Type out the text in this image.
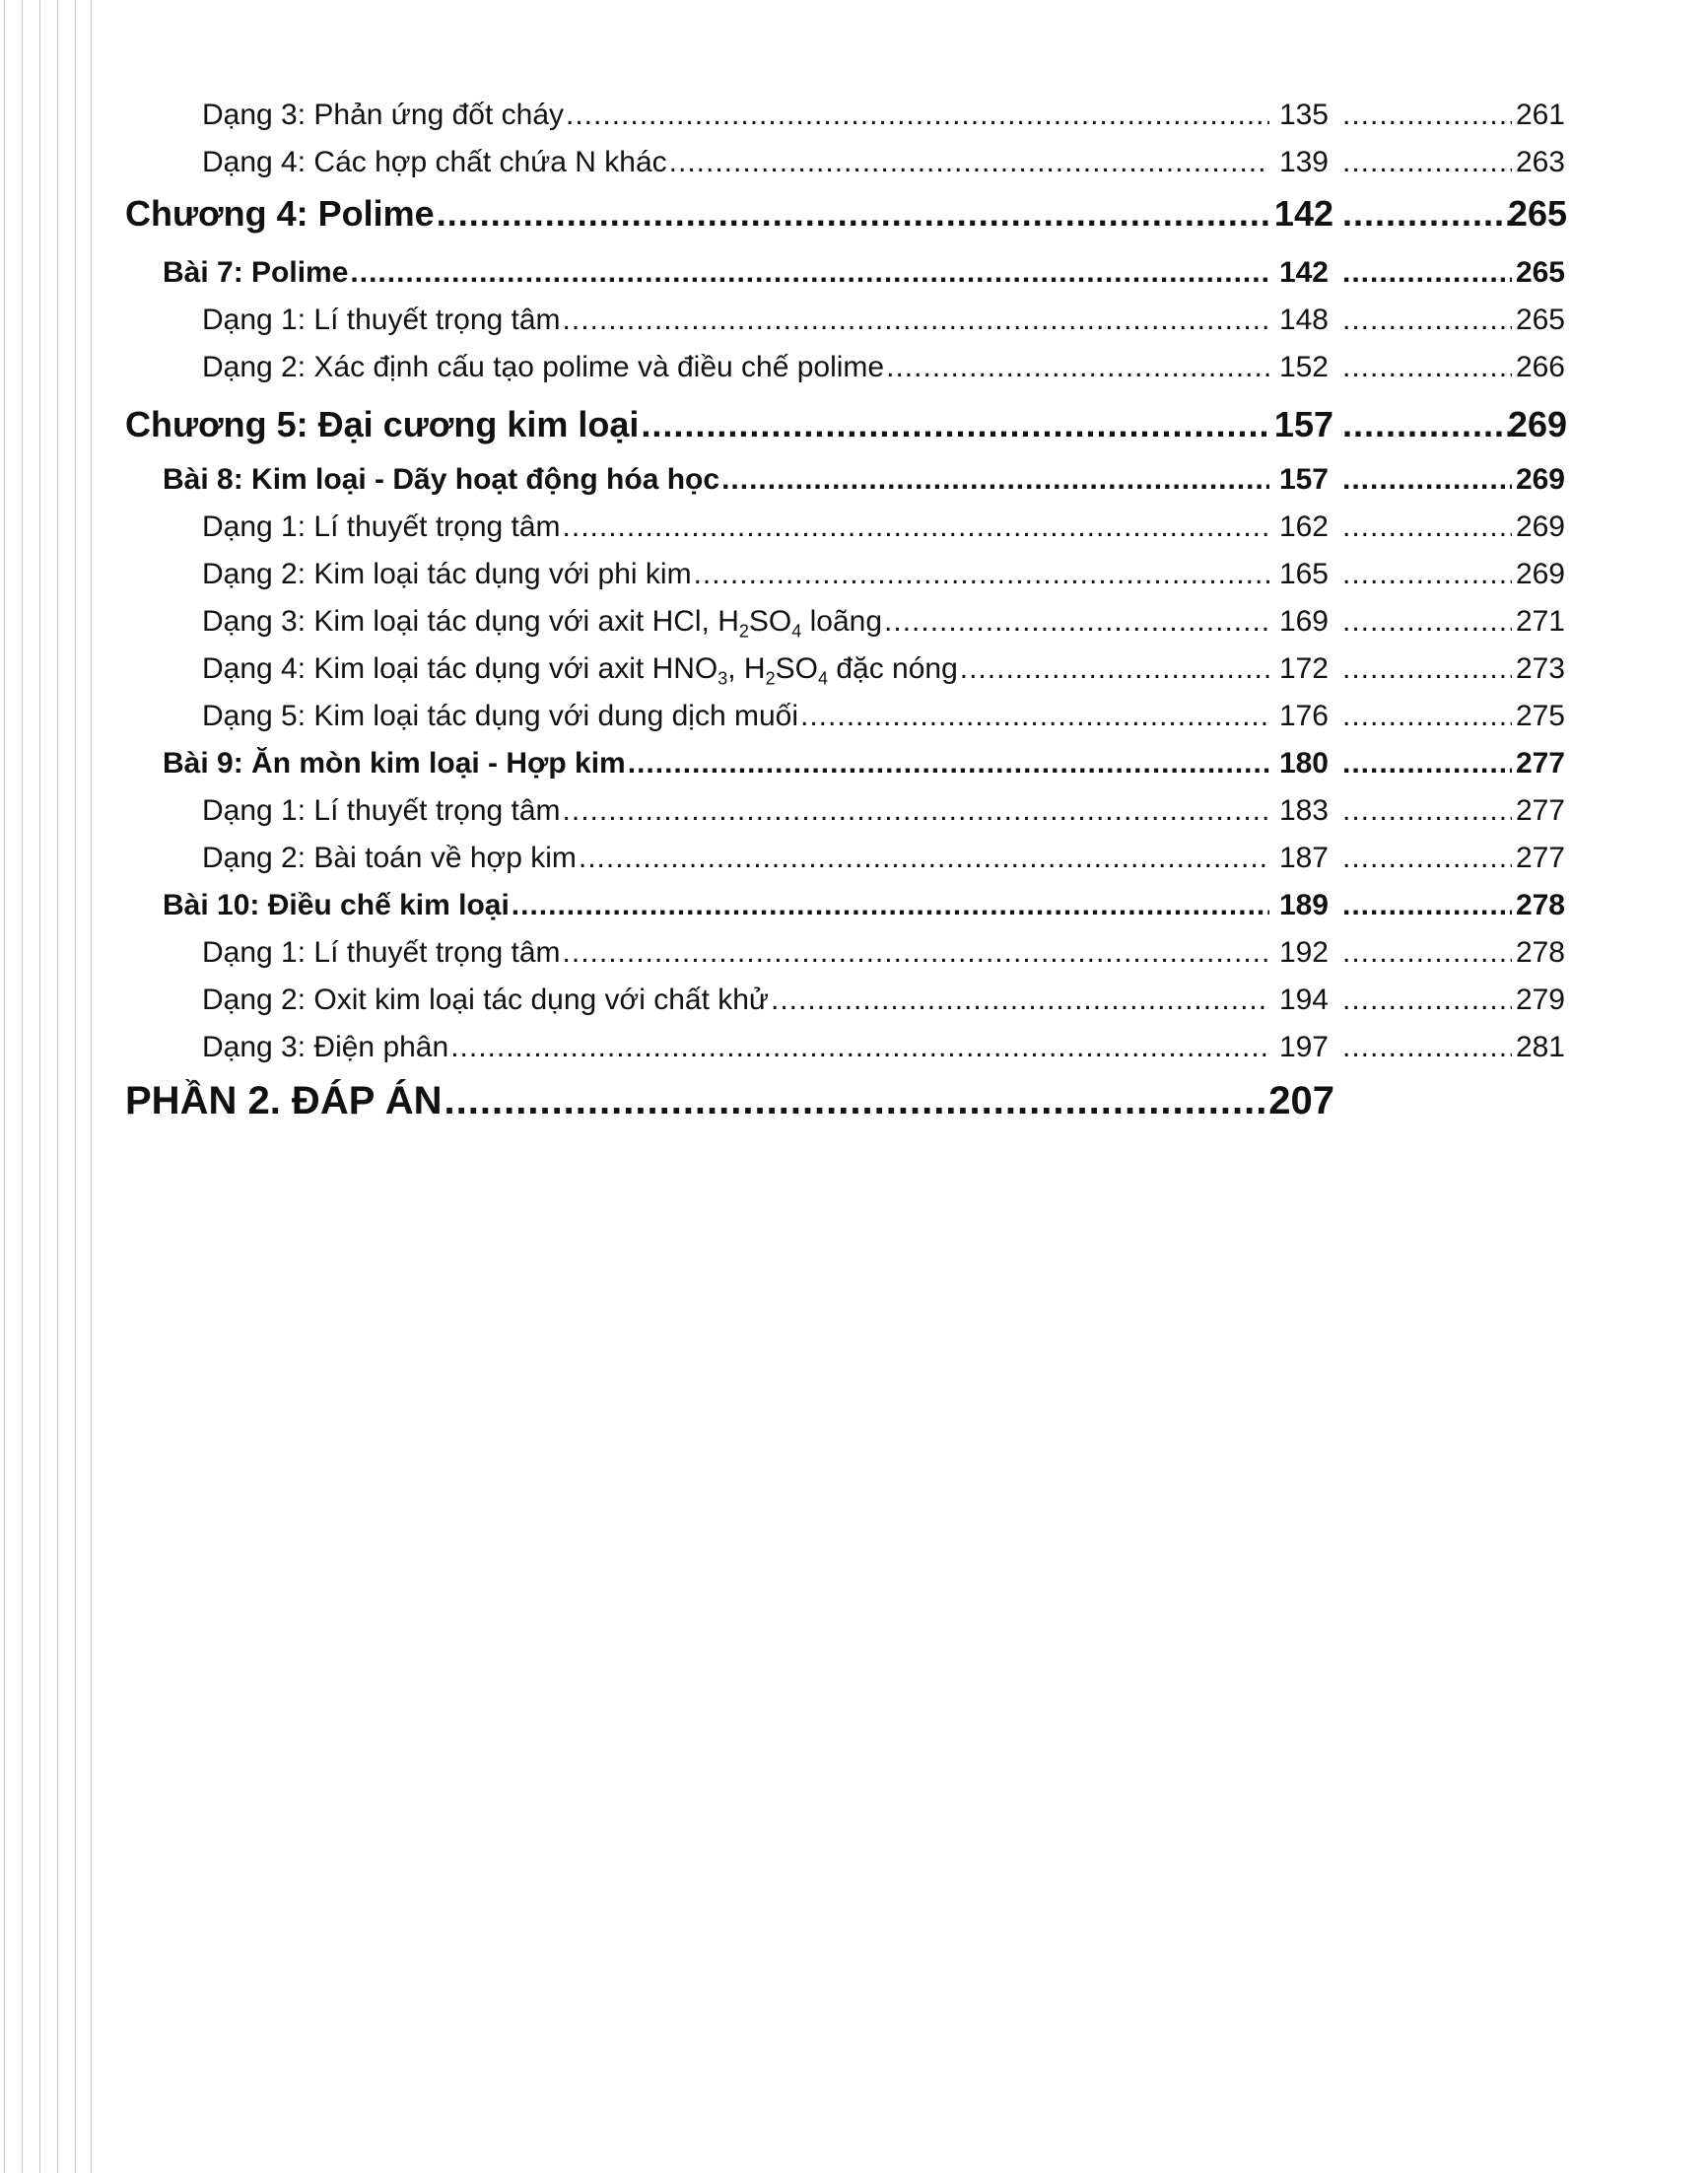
Dạng 3: Phản ứng đốt cháy .....	135 .....	261
Dạng 4: Các hợp chất chứa N khác .....	139 .....	263
Chương 4: Polime .....	142 .....	265
Bài 7: Polime .....	142 .....	265
Dạng 1: Lí thuyết trọng tâm .....	148 .....	265
Dạng 2: Xác định cấu tạo polime và điều chế polime .....	152 .....	266
Chương 5: Đại cương kim loại .....	157 .....	269
Bài 8: Kim loại - Dãy hoạt động hóa học .....	157 .....	269
Dạng 1: Lí thuyết trọng tâm .....	162 .....	269
Dạng 2: Kim loại tác dụng với phi kim .....	165 .....	269
Dạng 3: Kim loại tác dụng với axit HCl, $H_2SO_4$ loãng .....	169 .....	271
Dạng 4: Kim loại tác dụng với axit $HNO_3$, $H_2SO_4$ đặc nóng .....	172 .....	273
Dạng 5: Kim loại tác dụng với dung dịch muối .....	176 .....	275
Bài 9: Ăn mòn kim loại - Hợp kim .....	180 .....	277
Dạng 1: Lí thuyết trọng tâm .....	183 .....	277
Dạng 2: Bài toán về hợp kim .....	187 .....	277
Bài 10: Điều chế kim loại .....	189 .....	278
Dạng 1: Lí thuyết trọng tâm .....	192 .....	278
Dạng 2: Oxit kim loại tác dụng với chất khử .....	194 .....	279
Dạng 3: Điện phân .....	197 .....	281
PHẦN 2. ĐÁP ÁN .....	207
